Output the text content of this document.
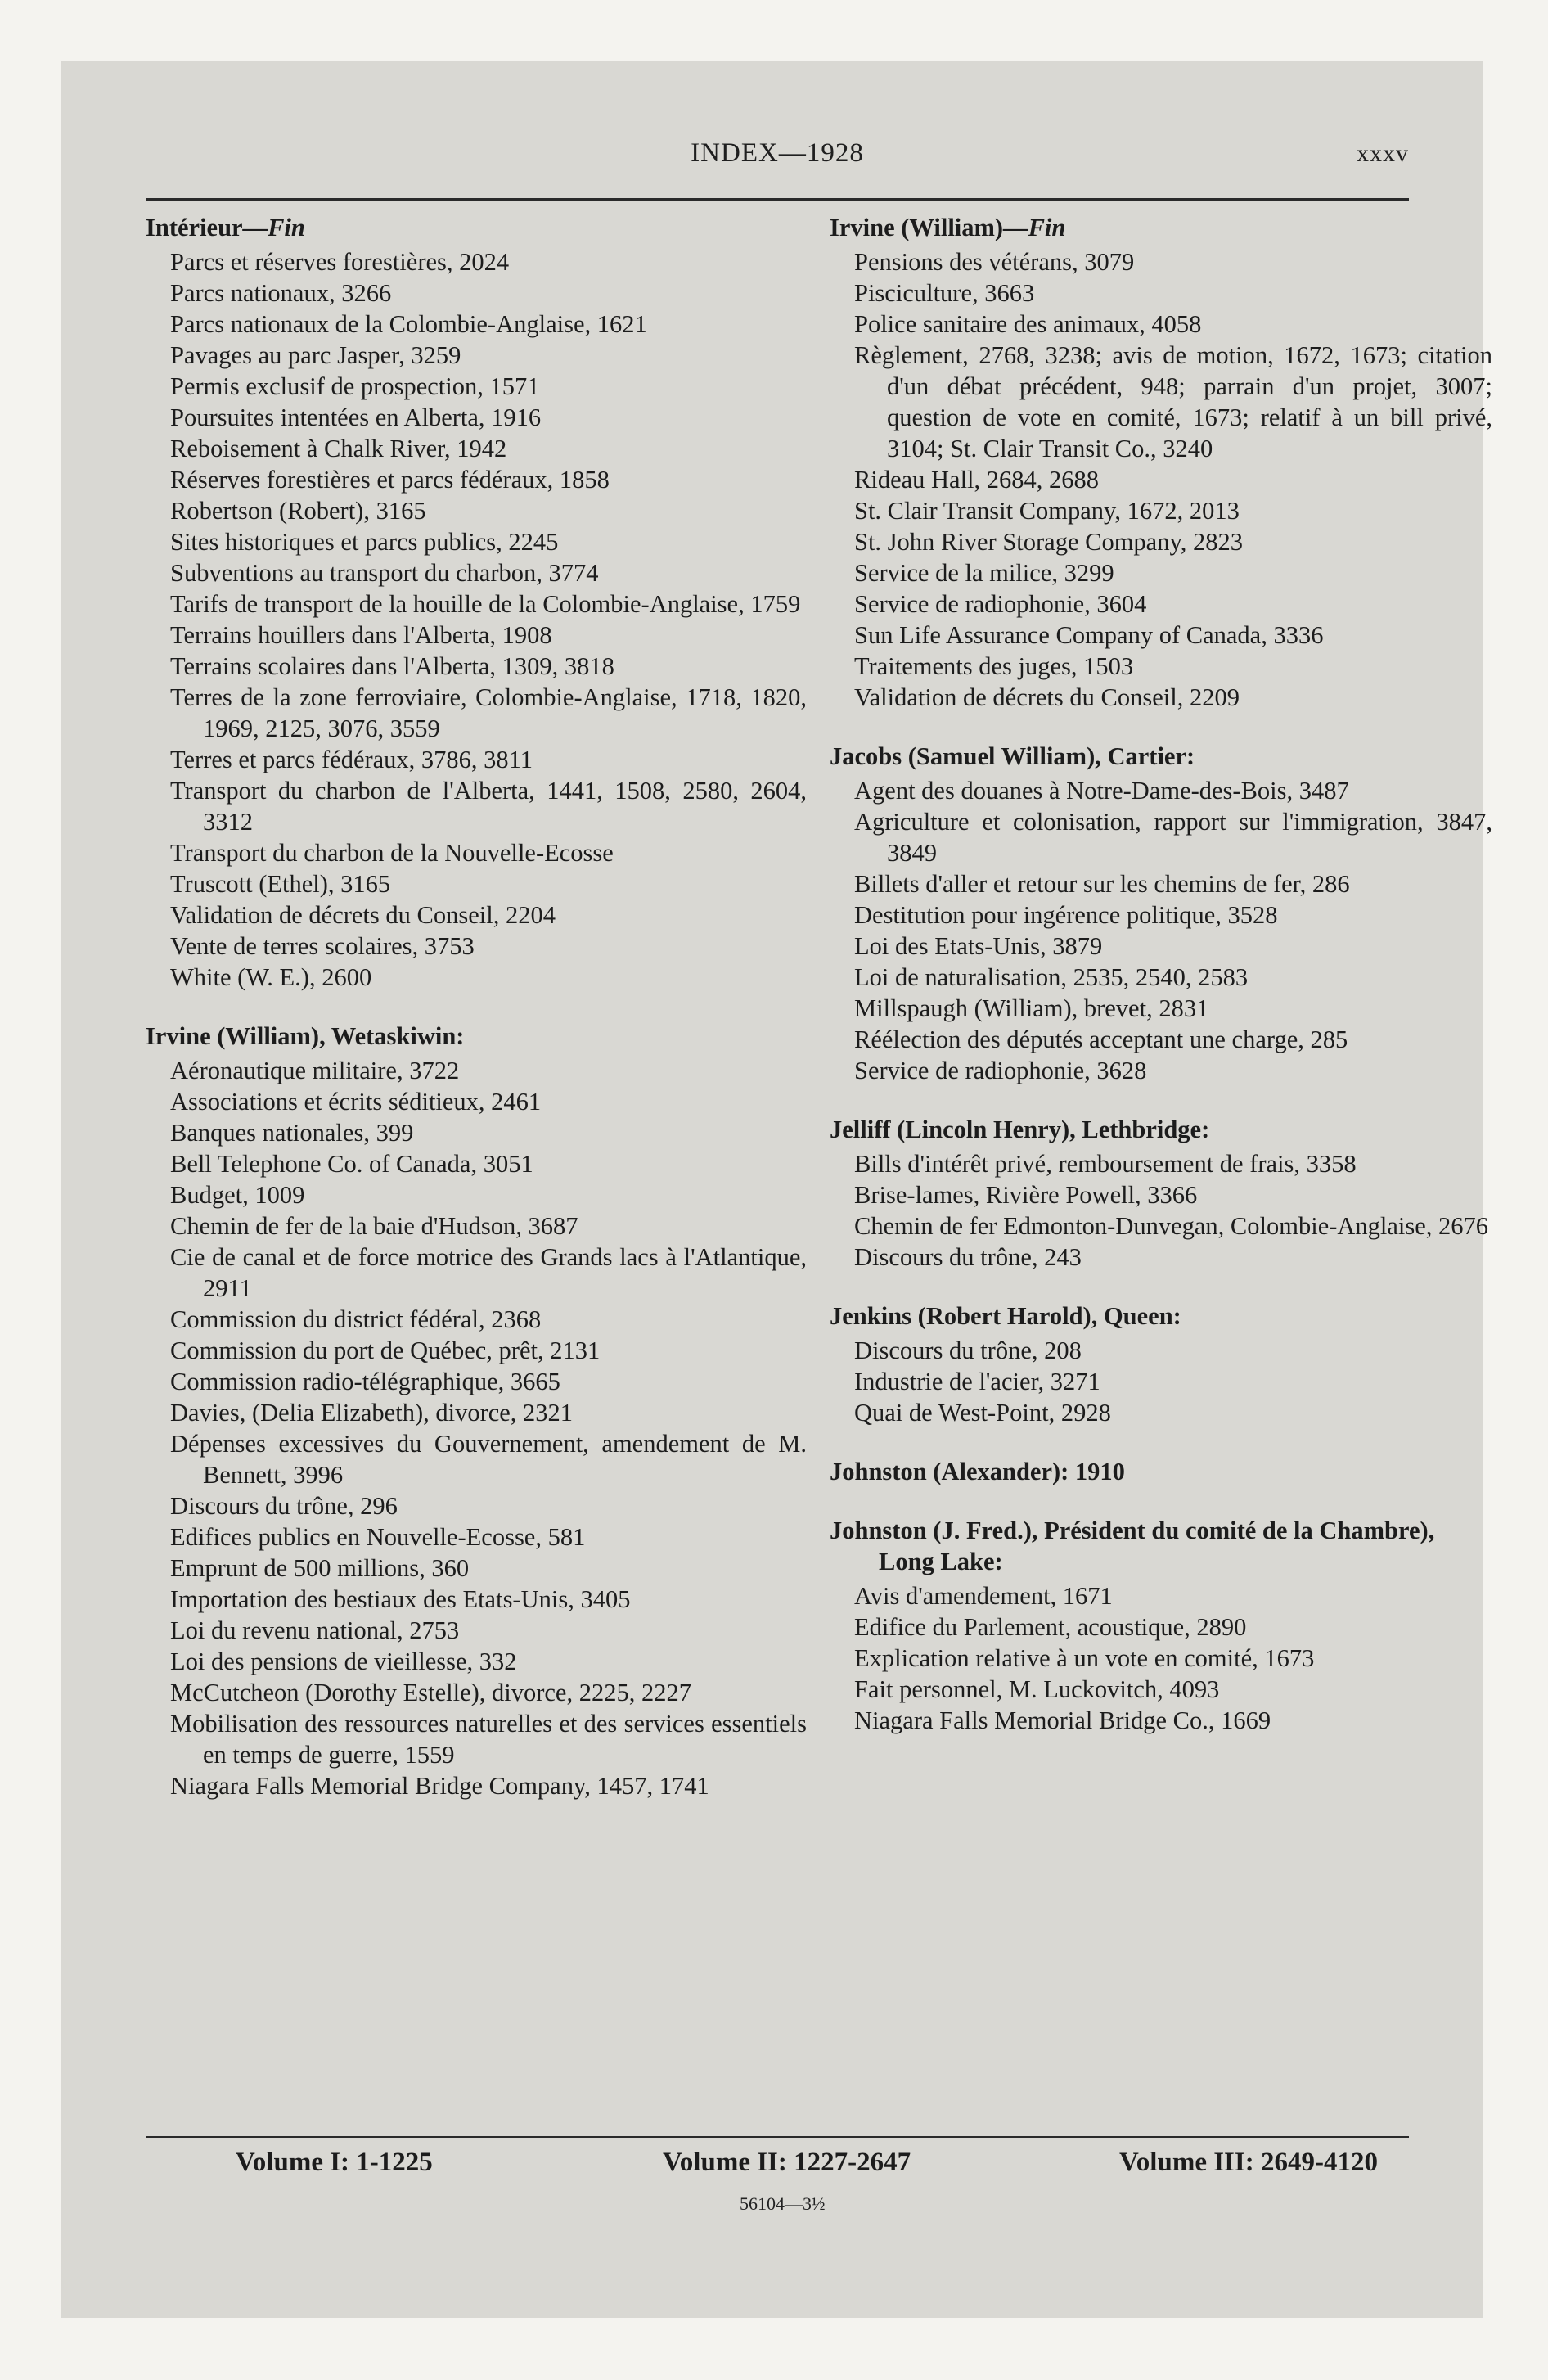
INDEX—1928	xxxv
Intérieur—Fin
Parcs et réserves forestières, 2024
Parcs nationaux, 3266
Parcs nationaux de la Colombie-Anglaise, 1621
Pavages au parc Jasper, 3259
Permis exclusif de prospection, 1571
Poursuites intentées en Alberta, 1916
Reboisement à Chalk River, 1942
Réserves forestières et parcs fédéraux, 1858
Robertson (Robert), 3165
Sites historiques et parcs publics, 2245
Subventions au transport du charbon, 3774
Tarifs de transport de la houille de la Colombie-Anglaise, 1759
Terrains houillers dans l'Alberta, 1908
Terrains scolaires dans l'Alberta, 1309, 3818
Terres de la zone ferroviaire, Colombie-Anglaise, 1718, 1820, 1969, 2125, 3076, 3559
Terres et parcs fédéraux, 3786, 3811
Transport du charbon de l'Alberta, 1441, 1508, 2580, 2604, 3312
Transport du charbon de la Nouvelle-Ecosse
Truscott (Ethel), 3165
Validation de décrets du Conseil, 2204
Vente de terres scolaires, 3753
White (W. E.), 2600
Irvine (William), Wetaskiwin:
Aéronautique militaire, 3722
Associations et écrits séditieux, 2461
Banques nationales, 399
Bell Telephone Co. of Canada, 3051
Budget, 1009
Chemin de fer de la baie d'Hudson, 3687
Cie de canal et de force motrice des Grands lacs à l'Atlantique, 2911
Commission du district fédéral, 2368
Commission du port de Québec, prêt, 2131
Commission radio-télégraphique, 3665
Davies, (Delia Elizabeth), divorce, 2321
Dépenses excessives du Gouvernement, amendement de M. Bennett, 3996
Discours du trône, 296
Edifices publics en Nouvelle-Ecosse, 581
Emprunt de 500 millions, 360
Importation des bestiaux des Etats-Unis, 3405
Loi du revenu national, 2753
Loi des pensions de vieillesse, 332
McCutcheon (Dorothy Estelle), divorce, 2225, 2227
Mobilisation des ressources naturelles et des services essentiels en temps de guerre, 1559
Niagara Falls Memorial Bridge Company, 1457, 1741
Irvine (William)—Fin
Pensions des vétérans, 3079
Pisciculture, 3663
Police sanitaire des animaux, 4058
Règlement, 2768, 3238; avis de motion, 1672, 1673; citation d'un débat précédent, 948; parrain d'un projet, 3007; question de vote en comité, 1673; relatif à un bill privé, 3104; St. Clair Transit Co., 3240
Rideau Hall, 2684, 2688
St. Clair Transit Company, 1672, 2013
St. John River Storage Company, 2823
Service de la milice, 3299
Service de radiophonie, 3604
Sun Life Assurance Company of Canada, 3336
Traitements des juges, 1503
Validation de décrets du Conseil, 2209
Jacobs (Samuel William), Cartier:
Agent des douanes à Notre-Dame-des-Bois, 3487
Agriculture et colonisation, rapport sur l'immigration, 3847, 3849
Billets d'aller et retour sur les chemins de fer, 286
Destitution pour ingérence politique, 3528
Loi des Etats-Unis, 3879
Loi de naturalisation, 2535, 2540, 2583
Millspaugh (William), brevet, 2831
Réélection des députés acceptant une charge, 285
Service de radiophonie, 3628
Jelliff (Lincoln Henry), Lethbridge:
Bills d'intérêt privé, remboursement de frais, 3358
Brise-lames, Rivière Powell, 3366
Chemin de fer Edmonton-Dunvegan, Colombie-Anglaise, 2676
Discours du trône, 243
Jenkins (Robert Harold), Queen:
Discours du trône, 208
Industrie de l'acier, 3271
Quai de West-Point, 2928
Johnston (Alexander): 1910
Johnston (J. Fred.), Président du comité de la Chambre), Long Lake:
Avis d'amendement, 1671
Edifice du Parlement, acoustique, 2890
Explication relative à un vote en comité, 1673
Fait personnel, M. Luckovitch, 4093
Niagara Falls Memorial Bridge Co., 1669
Volume I: 1-1225	Volume II: 1227-2647	Volume III: 2649-4120
56104—3½
